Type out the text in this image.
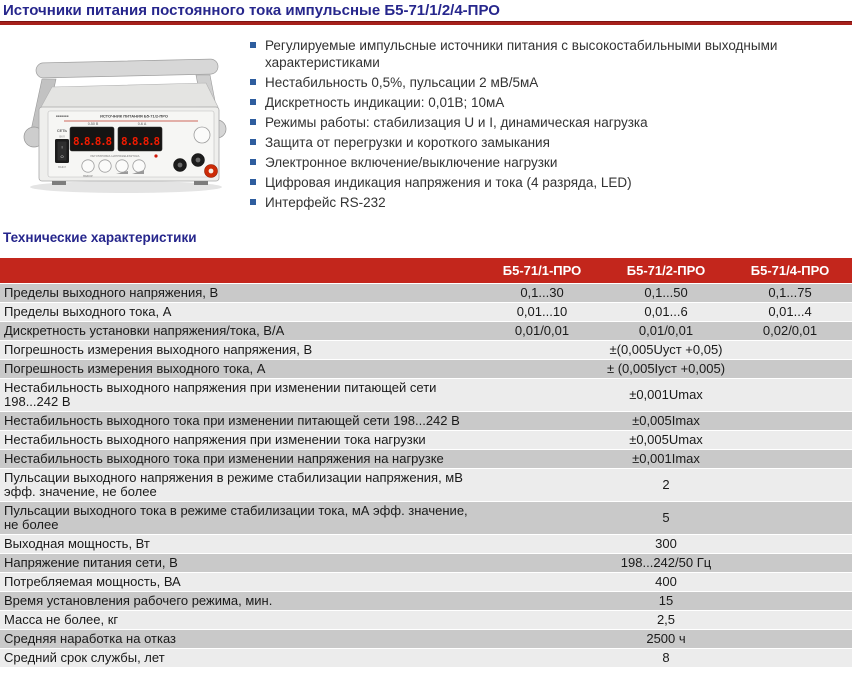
Источники питания постоянного тока импульсные Б5-71/1/2/4-ПРО
■■■■■■■	ИСТОЧНИК ПИТАНИЯ Б5-71/2-ПРО
0-50 В	0-6 А
8.8.8.8 8.8.8.8
СЕТЬ
ВКЛ
I
O
ВЫКЛ
РЕГУЛИРОВКА НАПРЯЖЕНИЯ/ТОКА
ВЫБОР
Регулируемые импульсные источники питания с высокостабильными выходными характеристиками
Нестабильность 0,5%, пульсации 2 мВ/5мА
Дискретность индикации: 0,01В; 10мА
Режимы работы: стабилизация U и I, динамическая нагрузка
Защита от перегрузки и короткого замыкания
Электронное включение/выключение нагрузки
Цифровая индикация напряжения и тока (4 разряда, LED)
Интерфейс RS-232
Технические характеристики
	Б5-71/1-ПРО	Б5-71/2-ПРО	Б5-71/4-ПРО
Пределы выходного напряжения, В	0,1...30	0,1...50	0,1...75
Пределы выходного тока, А	0,01...10	0,01...6	0,01...4
Дискретность установки напряжения/тока, В/А	0,01/0,01	0,01/0,01	0,02/0,01
Погрешность измерения выходного напряжения, В	±(0,005Uуст +0,05)		
Погрешность измерения выходного тока, А	± (0,005Iуст +0,005)		
Нестабильность выходного напряжения при изменении питающей сети 198...242 В	±0,001Umax		
Нестабильность выходного тока при изменении питающей сети 198...242 В	±0,005Imax		
Нестабильность выходного напряжения при изменении тока нагрузки	±0,005Umax		
Нестабильность выходного тока при изменении напряжения на нагрузке	±0,001Imax		
Пульсации выходного напряжения в режиме стабилизации напряжения, мВ эфф. значение, не более	2		
Пульсации выходного тока в режиме стабилизации тока, мА эфф. значение, не более	5		
Выходная мощность, Вт	300		
Напряжение питания сети, В	198...242/50 Гц		
Потребляемая мощность, ВА	400		
Время установления рабочего режима, мин.	15		
Масса не более, кг	2,5		
Средняя наработка на отказ	2500 ч		
Средний срок службы, лет	8		
